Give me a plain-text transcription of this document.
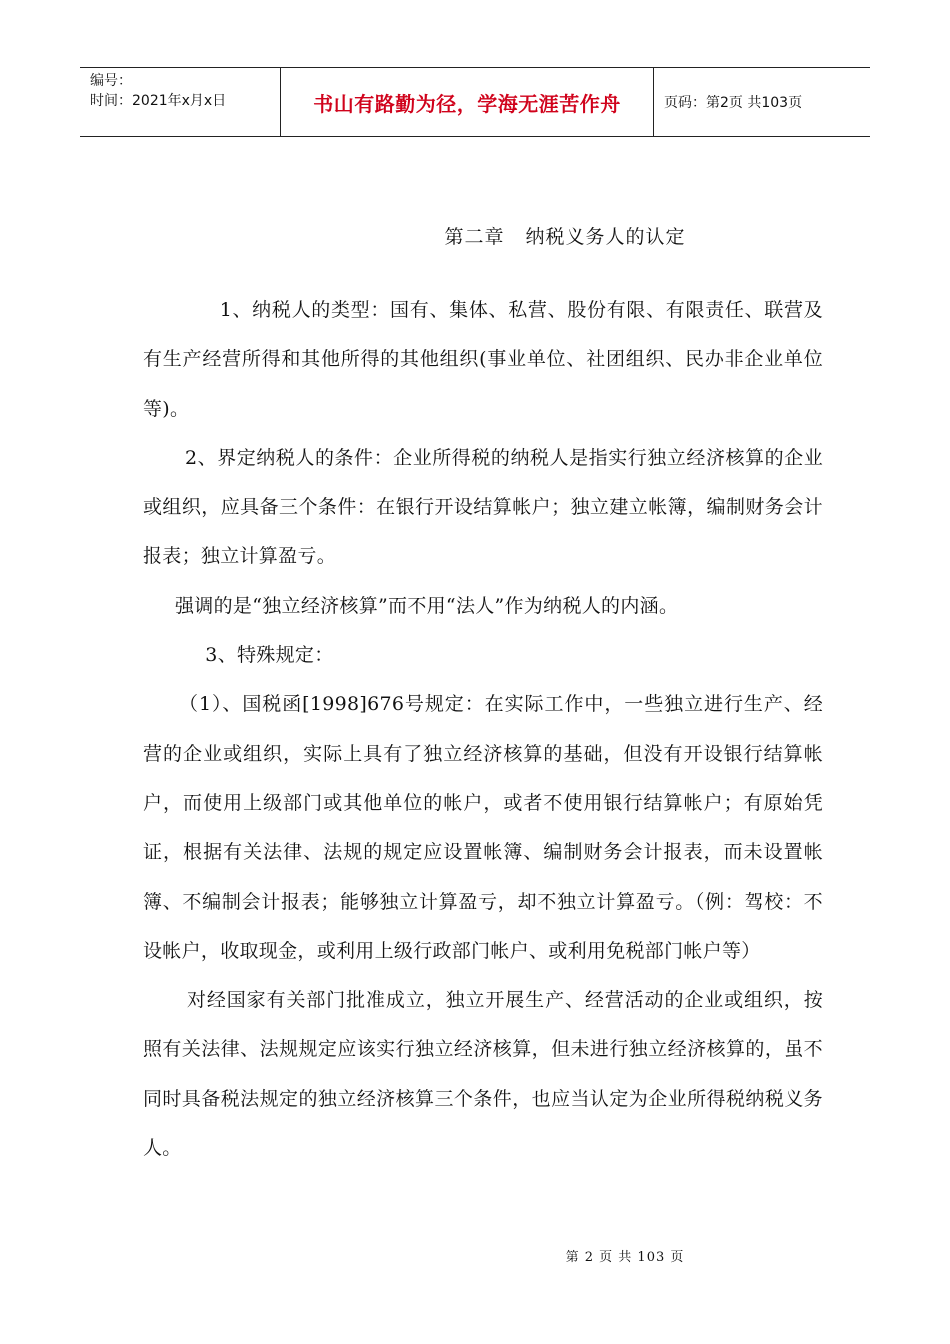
编号：
时间：2021年x月x日	书山有路勤为径，学海无涯苦作舟	页码：第2页 共103页
第二章   纳税义务人的认定

　1、纳税人的类型：国有、集体、私营、股份有限、有限责任、联营及有生产经营所得和其他所得的其他组织(事业单位、社团组织、民办非企业单位等)。

2、界定纳税人的条件：企业所得税的纳税人是指实行独立经济核算的企业或组织，应具备三个条件：在银行开设结算帐户；独立建立帐簿，编制财务会计报表；独立计算盈亏。

强调的是“独立经济核算”而不用“法人”作为纳税人的内涵。

　3、特殊规定：

（1）、国税函[1998]676号规定：在实际工作中，一些独立进行生产、经营的企业或组织，实际上具有了独立经济核算的基础，但没有开设银行结算帐户，而使用上级部门或其他单位的帐户，或者不使用银行结算帐户；有原始凭证，根据有关法律、法规的规定应设置帐簿、编制财务会计报表，而未设置帐簿、不编制会计报表；能够独立计算盈亏，却不独立计算盈亏。（例：驾校：不设帐户，收取现金，或利用上级行政部门帐户、或利用免税部门帐户等）

对经国家有关部门批准成立，独立开展生产、经营活动的企业或组织，按照有关法律、法规规定应该实行独立经济核算，但未进行独立经济核算的，虽不同时具备税法规定的独立经济核算三个条件，也应当认定为企业所得税纳税义务人。

第 2 页 共 103 页
